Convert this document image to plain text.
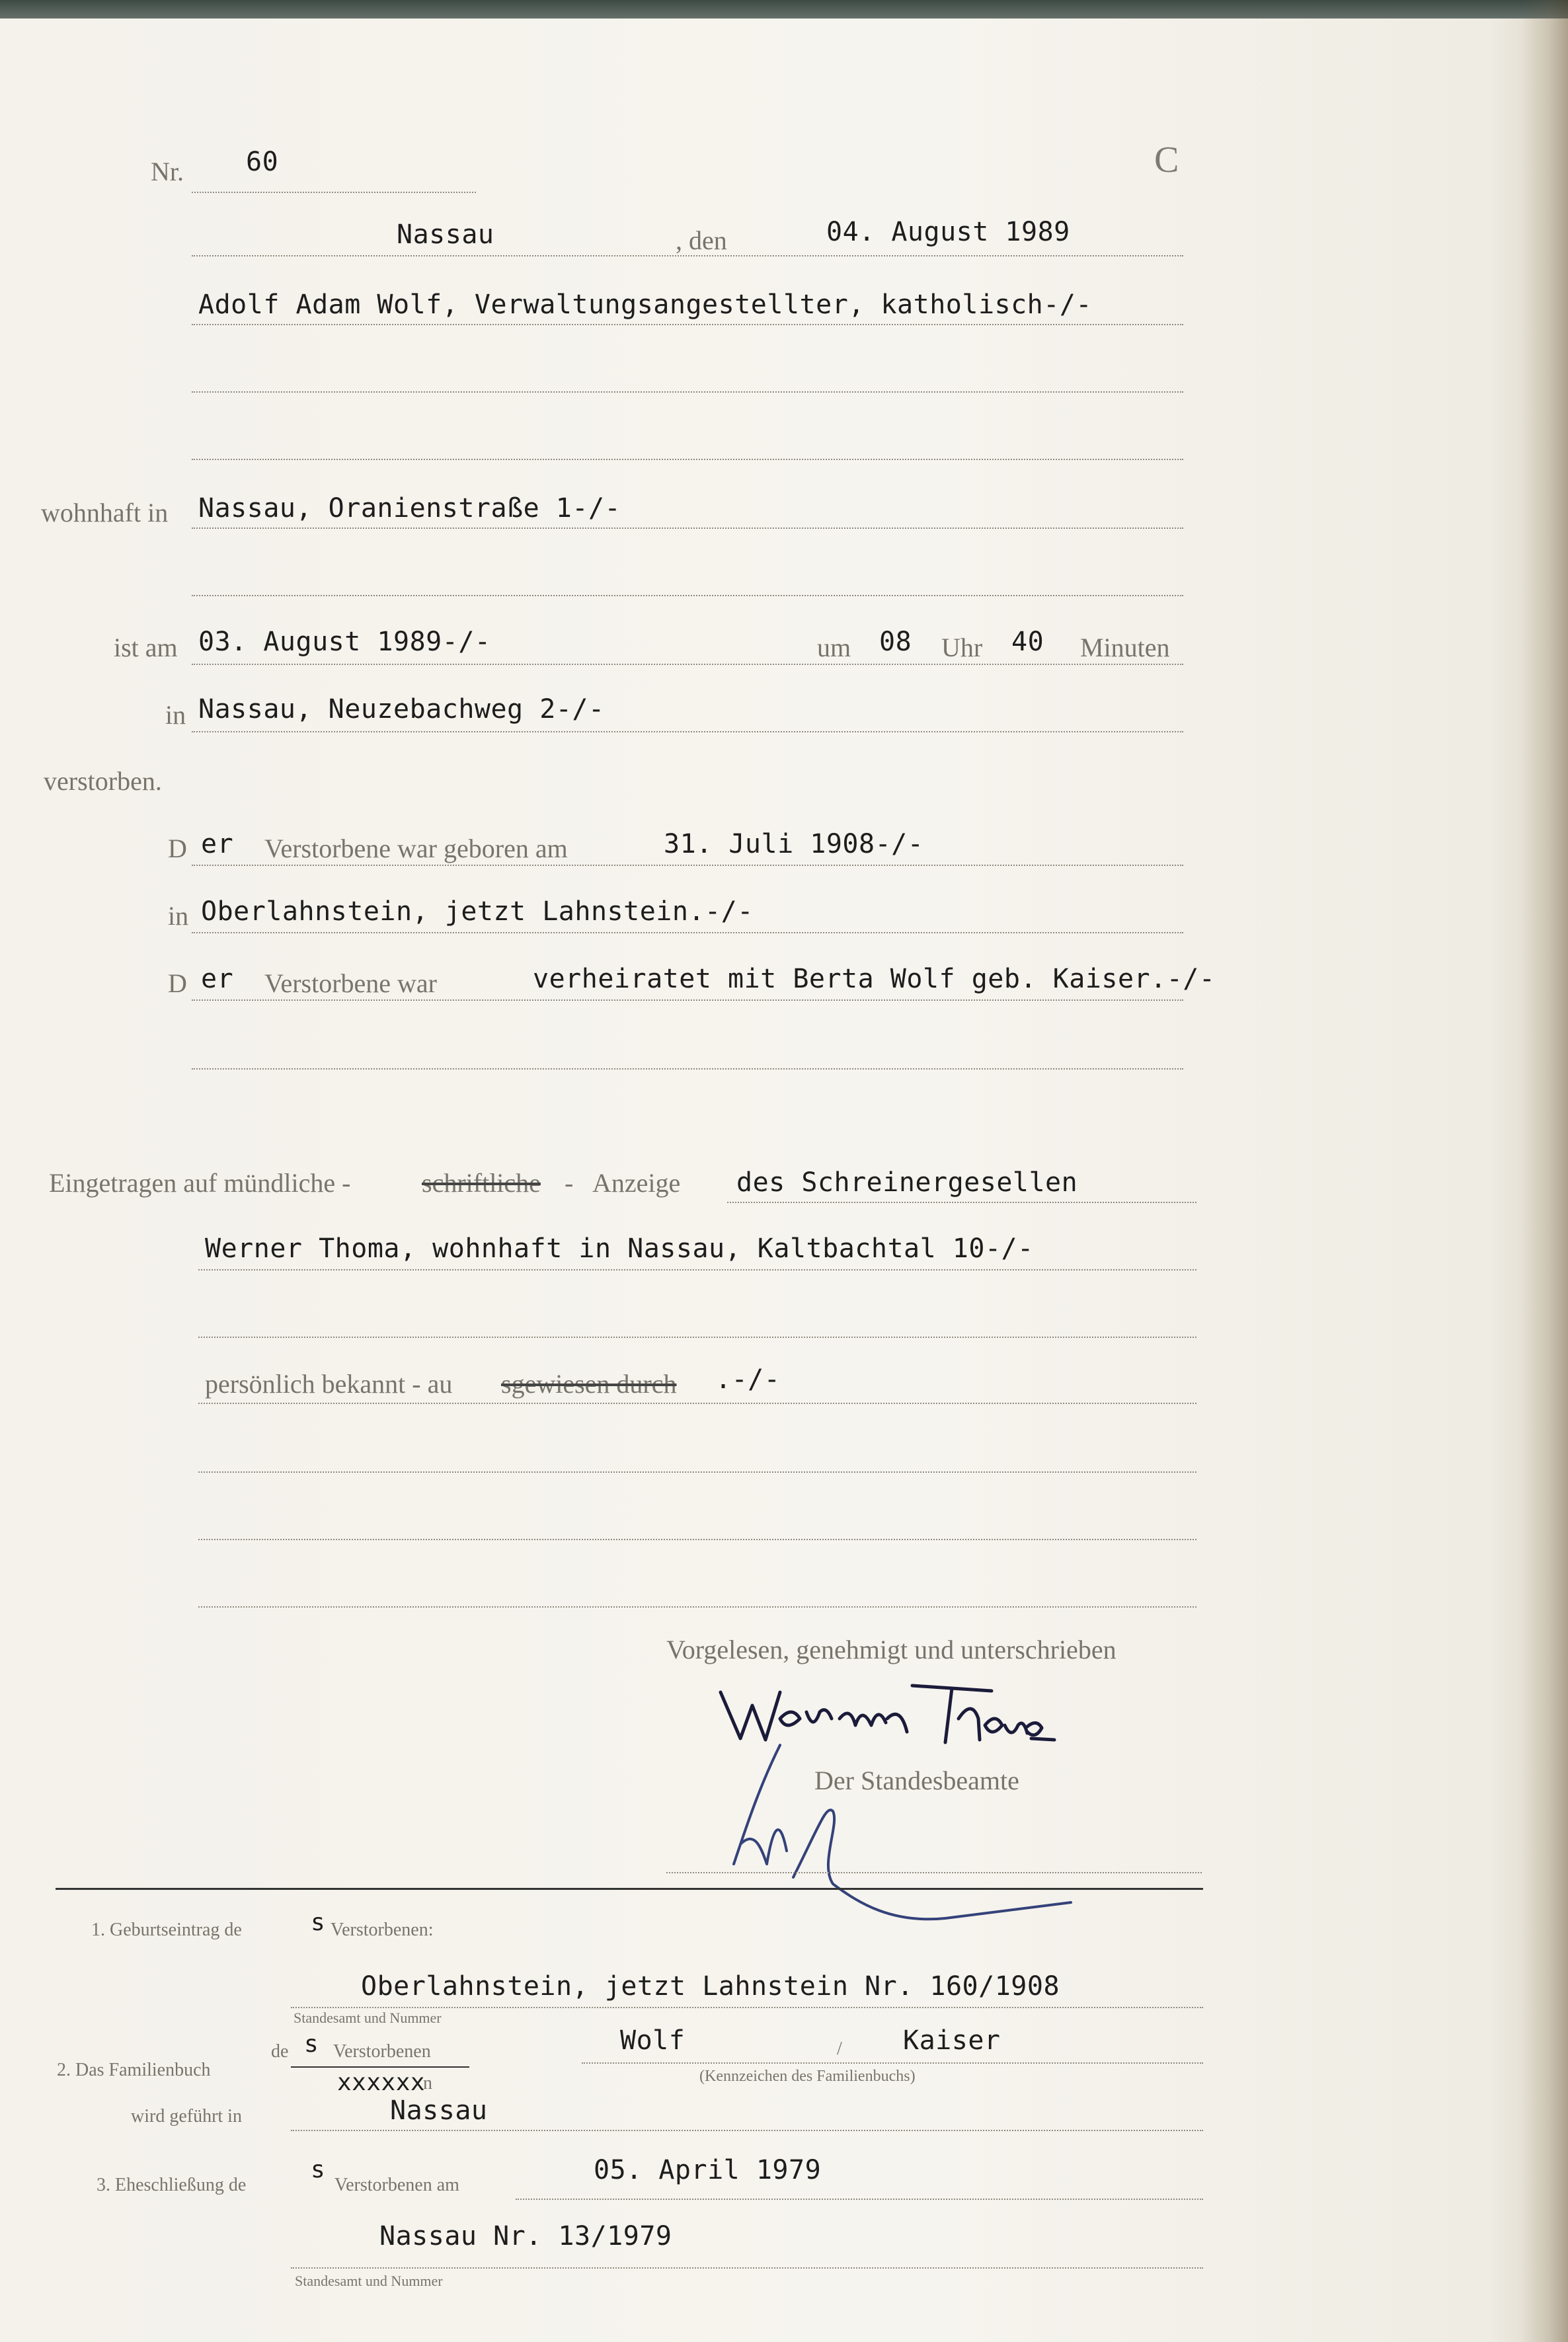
Nr. 60	C
Nassau	, den	04. August 1989
Adolf Adam Wolf, Verwaltungsangestellter, katholisch-/-
wohnhaft in Nassau, Oranienstraße 1-/-
ist am 03. August 1989-/-	um 08 Uhr 40 Minuten
in Nassau, Neuzebachweg 2-/-
verstorben.
D er Verstorbene war geboren am	31. Juli 1908-/-
in Oberlahnstein, jetzt Lahnstein.-/-
D er Verstorbene war	verheiratet mit Berta Wolf geb. Kaiser.-/-
Eingetragen auf mündliche -	schriftliche - Anzeige des Schreinergesellen
Werner Thoma, wohnhaft in Nassau, Kaltbachtal 10-/-
persönlich bekannt - au sgewiesen durch .-/-
Vorgelesen, genehmigt und unterschrieben
Der Standesbeamte
1. Geburtseintrag de	s Verstorbenen:
Oberlahnstein, jetzt Lahnstein Nr. 160/1908
Standesamt und Nummer
de s Verstorbenen	Wolf	/ Kaiser
(Kennzeichen des Familienbuchs)
2. Das Familienbuch	xxxxxx
n
wird geführt in	Nassau
3. Eheschließung de
s
Verstorbenen am	05. April 1979
Nassau Nr. 13/1979
Standesamt und Nummer
